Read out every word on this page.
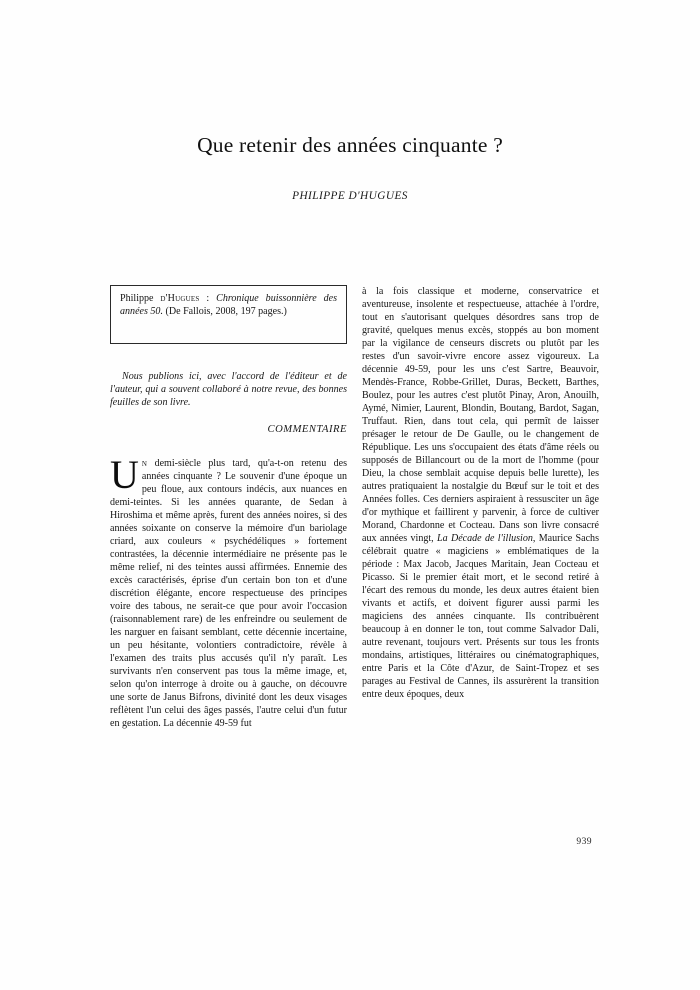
Que retenir des années cinquante ?
PHILIPPE D'HUGUES

Philippe d'Hugues : Chronique buissonnière des années 50. (De Fallois, 2008, 197 pages.)

Nous publions ici, avec l'accord de l'éditeur et de l'auteur, qui a souvent collaboré à notre revue, des bonnes feuilles de son livre.

COMMENTAIRE

Un demi-siècle plus tard, qu'a-t-on retenu des années cinquante ? Le souvenir d'une époque un peu floue, aux contours indécis, aux nuances en demi-teintes. Si les années quarante, de Sedan à Hiroshima et même après, furent des années noires, si des années soixante on conserve la mémoire d'un bariolage criard, aux couleurs « psychédéliques » fortement contrastées, la décennie intermédiaire ne présente pas le même relief, ni des teintes aussi affirmées. Ennemie des excès caractérisés, éprise d'un certain bon ton et d'une discrétion élégante, encore respectueuse des principes voire des tabous, ne serait-ce que pour avoir l'occasion (raisonnablement rare) de les enfreindre ou seulement de les narguer en faisant semblant, cette décennie incertaine, un peu hésitante, volontiers contradictoire, révèle à l'examen des traits plus accusés qu'il n'y paraît. Les survivants n'en conservent pas tous la même image, et, selon qu'on interroge à droite ou à gauche, on découvre une sorte de Janus Bifrons, divinité dont les deux visages reflètent l'un celui des âges passés, l'autre celui d'un futur en gestation. La décennie 49-59 fut

à la fois classique et moderne, conservatrice et aventureuse, insolente et respectueuse, attachée à l'ordre, tout en s'autorisant quelques désordres sans trop de gravité, quelques menus excès, stoppés au bon moment par la vigilance de censeurs discrets ou plutôt par les restes d'un savoir-vivre encore assez vigoureux. La décennie 49-59, pour les uns c'est Sartre, Beauvoir, Mendès-France, Robbe-Grillet, Duras, Beckett, Barthes, Boulez, pour les autres c'est plutôt Pinay, Aron, Anouilh, Aymé, Nimier, Laurent, Blondin, Boutang, Bardot, Sagan, Truffaut. Rien, dans tout cela, qui permît de laisser présager le retour de De Gaulle, ou le changement de République. Les uns s'occupaient des états d'âme réels ou supposés de Billancourt ou de la mort de l'homme (pour Dieu, la chose semblait acquise depuis belle lurette), les autres pratiquaient la nostalgie du Bœuf sur le toit et des Années folles. Ces derniers aspiraient à ressusciter un âge d'or mythique et faillirent y parvenir, à force de cultiver Morand, Chardonne et Cocteau. Dans son livre consacré aux années vingt, La Décade de l'illusion, Maurice Sachs célébrait quatre « magiciens » emblématiques de la période : Max Jacob, Jacques Maritain, Jean Cocteau et Picasso. Si le premier était mort, et le second retiré à l'écart des remous du monde, les deux autres étaient bien vivants et actifs, et doivent figurer aussi parmi les magiciens des années cinquante. Ils contribuèrent beaucoup à en donner le ton, tout comme Salvador Dali, autre revenant, toujours vert. Présents sur tous les fronts mondains, artistiques, littéraires ou cinématographiques, entre Paris et la Côte d'Azur, de Saint-Tropez et ses parages au Festival de Cannes, ils assurèrent la transition entre deux époques, deux

939
